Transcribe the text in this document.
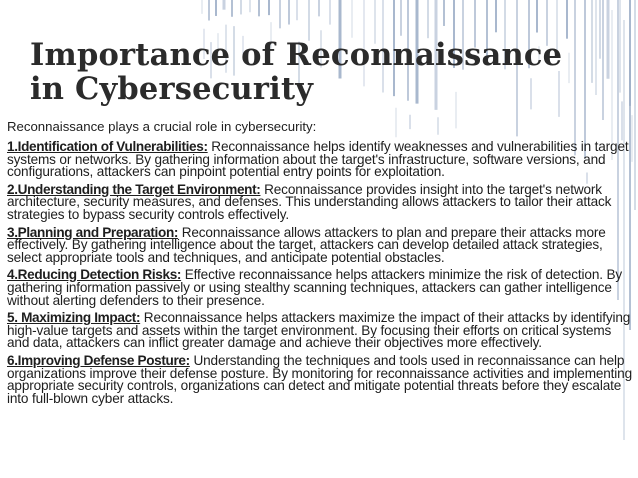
Importance of Reconnaissance
in Cybersecurity

Reconnaissance plays a crucial role in cybersecurity:

1.Identification of Vulnerabilities: Reconnaissance helps identify weaknesses and vulnerabilities in target systems or networks. By gathering information about the target's infrastructure, software versions, and configurations, attackers can pinpoint potential entry points for exploitation.

2.Understanding the Target Environment: Reconnaissance provides insight into the target's network architecture, security measures, and defenses. This understanding allows attackers to tailor their attack strategies to bypass security controls effectively.

3.Planning and Preparation: Reconnaissance allows attackers to plan and prepare their attacks more effectively. By gathering intelligence about the target, attackers can develop detailed attack strategies, select appropriate tools and techniques, and anticipate potential obstacles.

4.Reducing Detection Risks: Effective reconnaissance helps attackers minimize the risk of detection. By gathering information passively or using stealthy scanning techniques, attackers can gather intelligence without alerting defenders to their presence.

5. Maximizing Impact: Reconnaissance helps attackers maximize the impact of their attacks by identifying high-value targets and assets within the target environment. By focusing their efforts on critical systems and data, attackers can inflict greater damage and achieve their objectives more effectively.

6.Improving Defense Posture: Understanding the techniques and tools used in reconnaissance can help organizations improve their defense posture. By monitoring for reconnaissance activities and implementing appropriate security controls, organizations can detect and mitigate potential threats before they escalate into full-blown cyber attacks.
